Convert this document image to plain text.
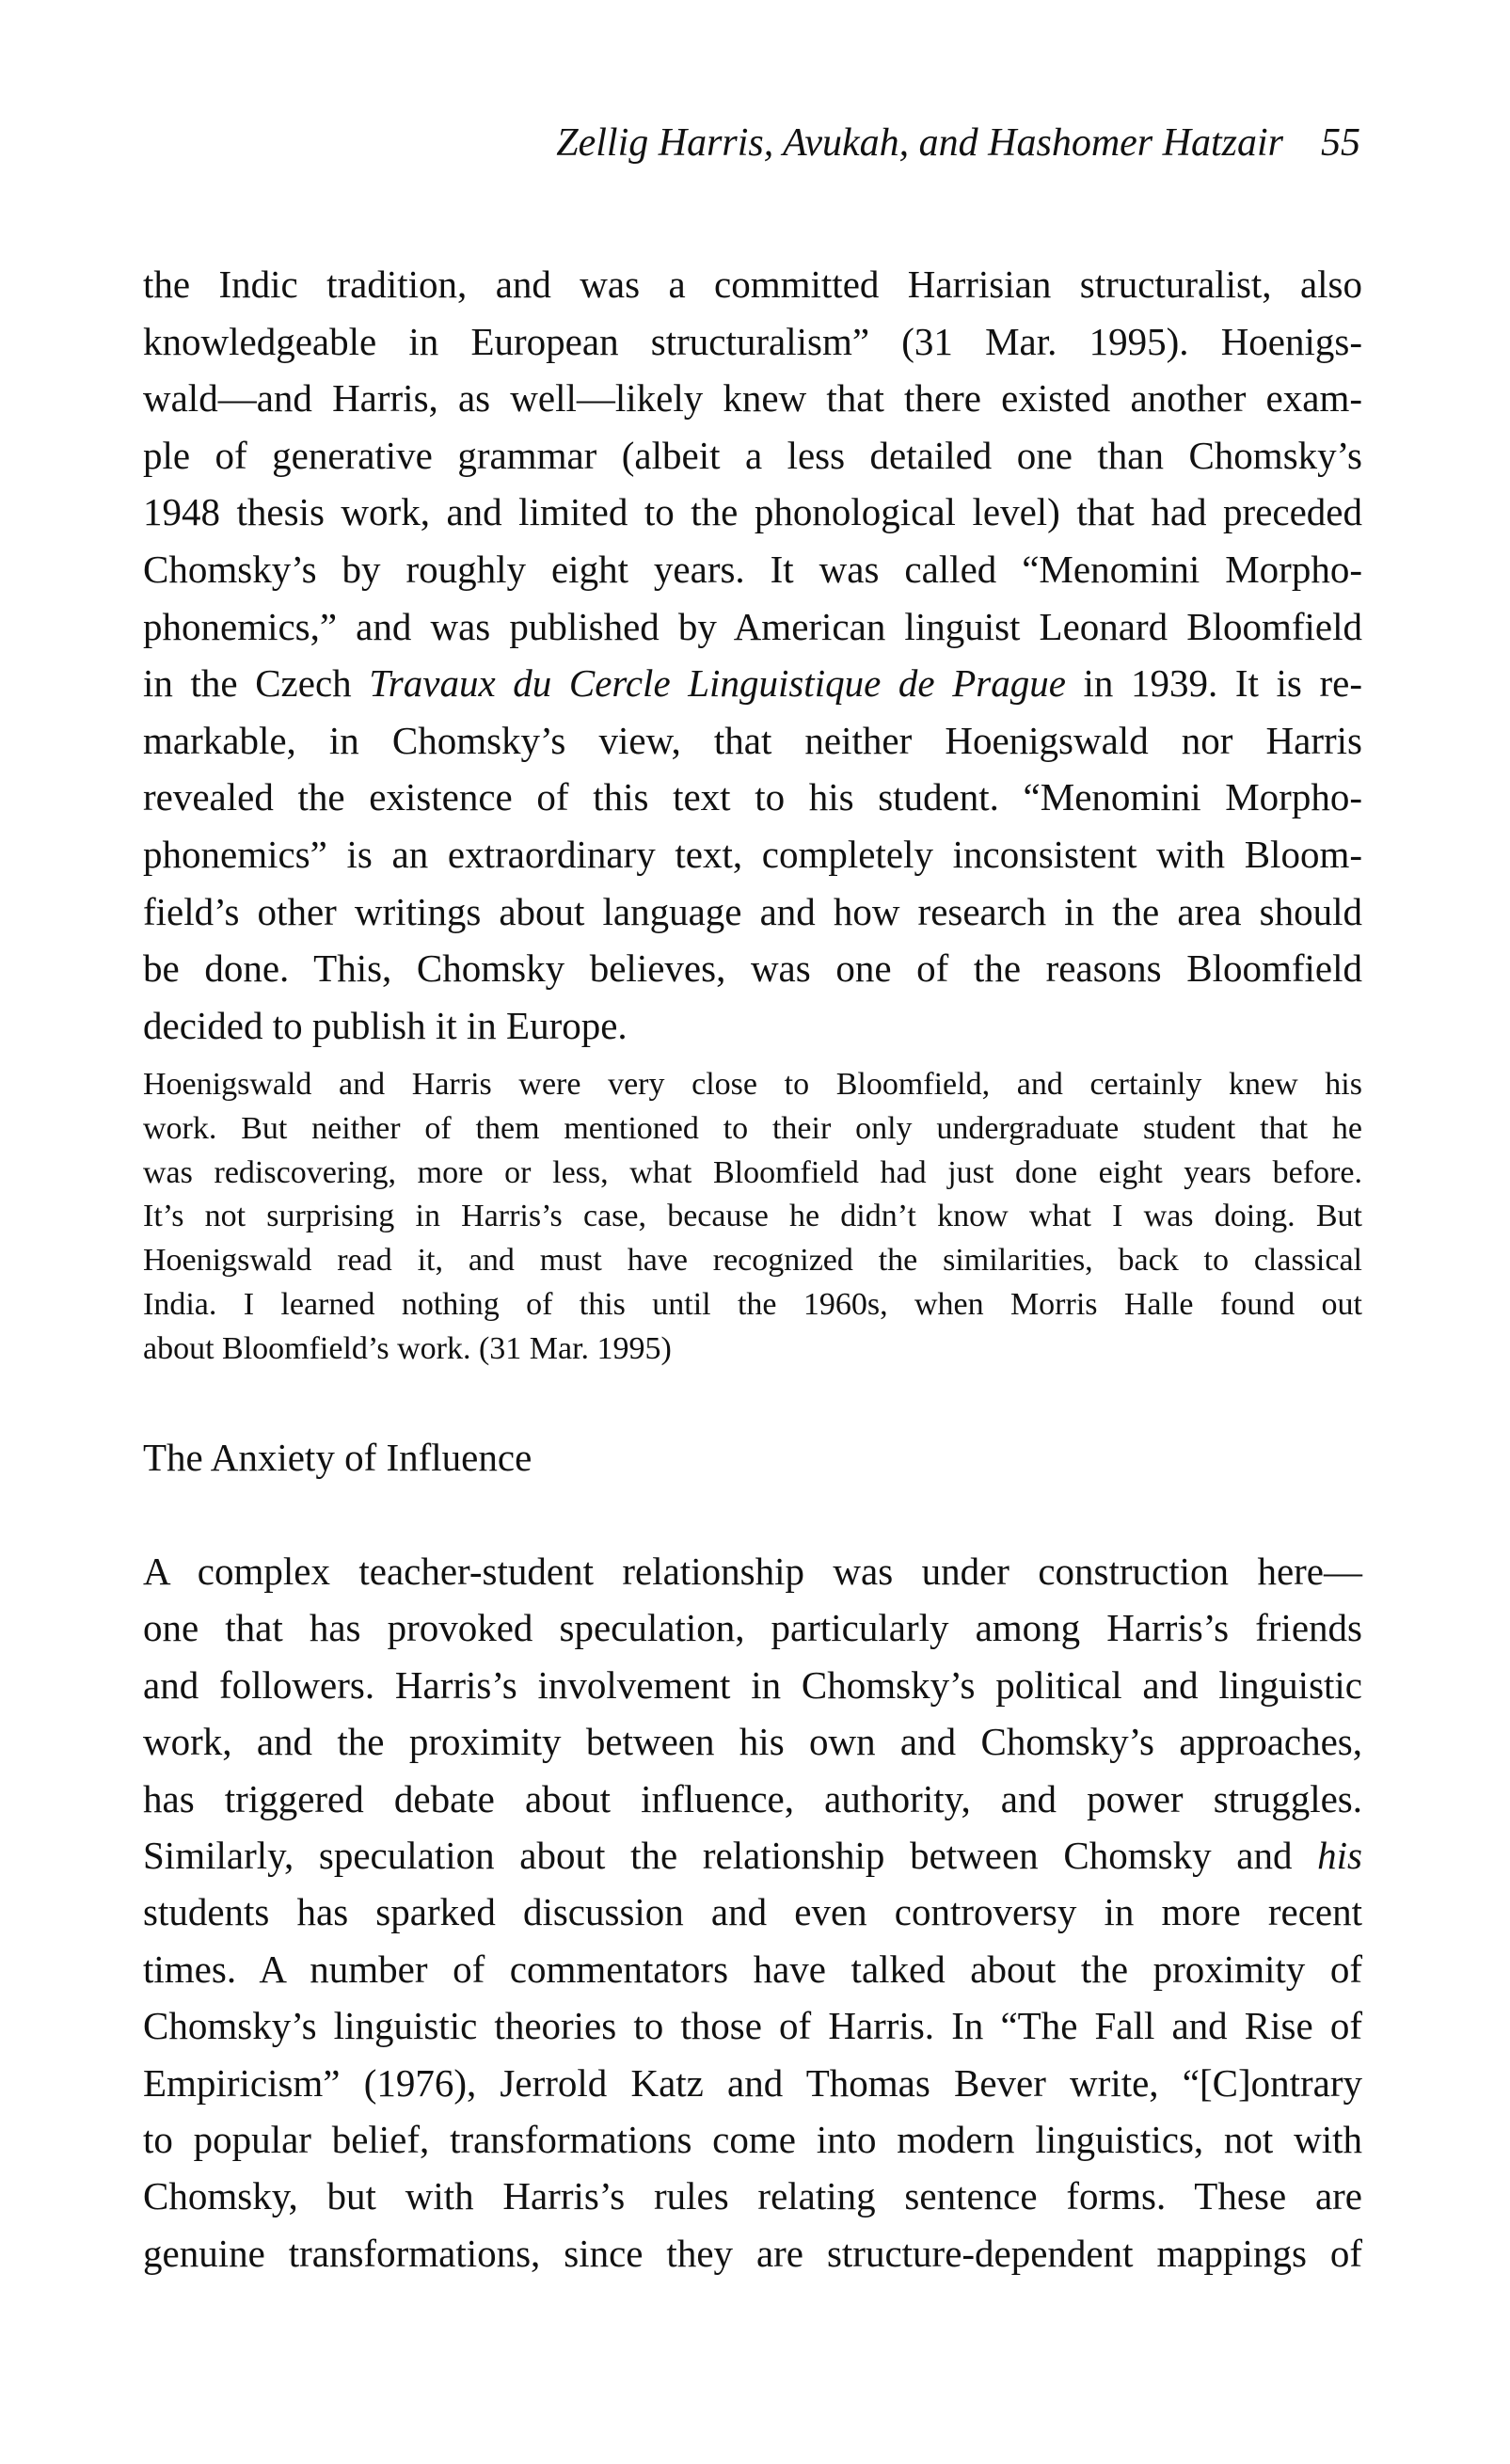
Zellig Harris, Avukah, and Hashomer Hatzair 55

the Indic tradition, and was a committed Harrisian structuralist, also
knowledgeable in European structuralism” (31 Mar. 1995). Hoenigs-
wald—and Harris, as well—likely knew that there existed another exam-
ple of generative grammar (albeit a less detailed one than Chomsky’s
1948 thesis work, and limited to the phonological level) that had preceded
Chomsky’s by roughly eight years. It was called “Menomini Morpho-
phonemics,” and was published by American linguist Leonard Bloomfield
in the Czech Travaux du Cercle Linguistique de Prague in 1939. It is re-
markable, in Chomsky’s view, that neither Hoenigswald nor Harris
revealed the existence of this text to his student. “Menomini Morpho-
phonemics” is an extraordinary text, completely inconsistent with Bloom-
field’s other writings about language and how research in the area should
be done. This, Chomsky believes, was one of the reasons Bloomfield
decided to publish it in Europe.

Hoenigswald and Harris were very close to Bloomfield, and certainly knew his
work. But neither of them mentioned to their only undergraduate student that he
was rediscovering, more or less, what Bloomfield had just done eight years before.
It’s not surprising in Harris’s case, because he didn’t know what I was doing. But
Hoenigswald read it, and must have recognized the similarities, back to classical
India. I learned nothing of this until the 1960s, when Morris Halle found out
about Bloomfield’s work. (31 Mar. 1995)

The Anxiety of Influence

A complex teacher-student relationship was under construction here—
one that has provoked speculation, particularly among Harris’s friends
and followers. Harris’s involvement in Chomsky’s political and linguistic
work, and the proximity between his own and Chomsky’s approaches,
has triggered debate about influence, authority, and power struggles.
Similarly, speculation about the relationship between Chomsky and his
students has sparked discussion and even controversy in more recent
times. A number of commentators have talked about the proximity of
Chomsky’s linguistic theories to those of Harris. In “The Fall and Rise of
Empiricism” (1976), Jerrold Katz and Thomas Bever write, “[C]ontrary
to popular belief, transformations come into modern linguistics, not with
Chomsky, but with Harris’s rules relating sentence forms. These are
genuine transformations, since they are structure-dependent mappings of
